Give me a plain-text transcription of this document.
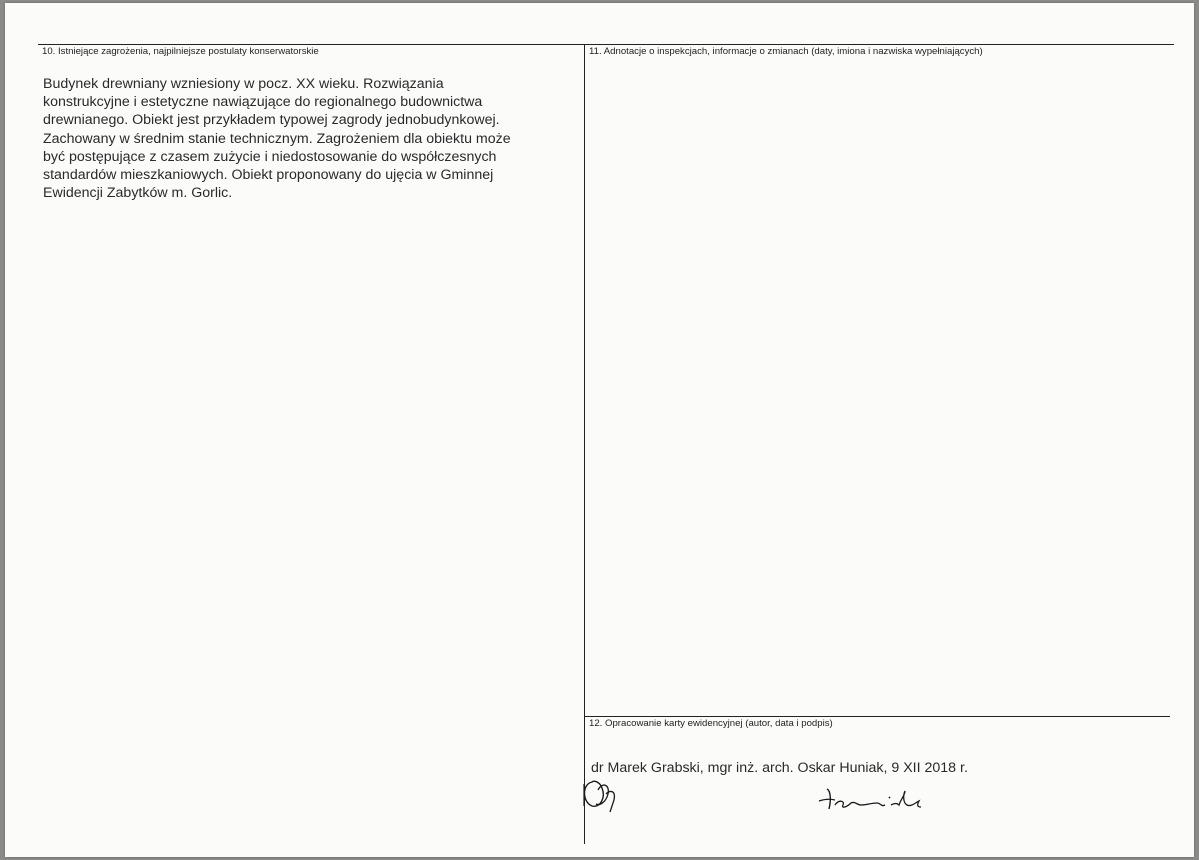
10. Istniejące zagrożenia, najpilniejsze postulaty konserwatorskie

Budynek drewniany wzniesiony w pocz. XX wieku. Rozwiązania

konstrukcyjne i estetyczne nawiązujące do regionalnego budownictwa

drewnianego. Obiekt jest przykładem typowej zagrody jednobudynkowej.

Zachowany w średnim stanie technicznym. Zagrożeniem dla obiektu może

być postępujące z czasem zużycie i niedostosowanie do współczesnych

standardów mieszkaniowych. Obiekt proponowany do ujęcia w Gminnej

Ewidencji Zabytków m. Gorlic.

11. Adnotacje o inspekcjach, informacje o zmianach (daty, imiona i nazwiska wypełniających)
12. Opracowanie karty ewidencyjnej (autor, data i podpis)
dr Marek Grabski, mgr inż. arch. Oskar Huniak, 9 XII 2018 r.
